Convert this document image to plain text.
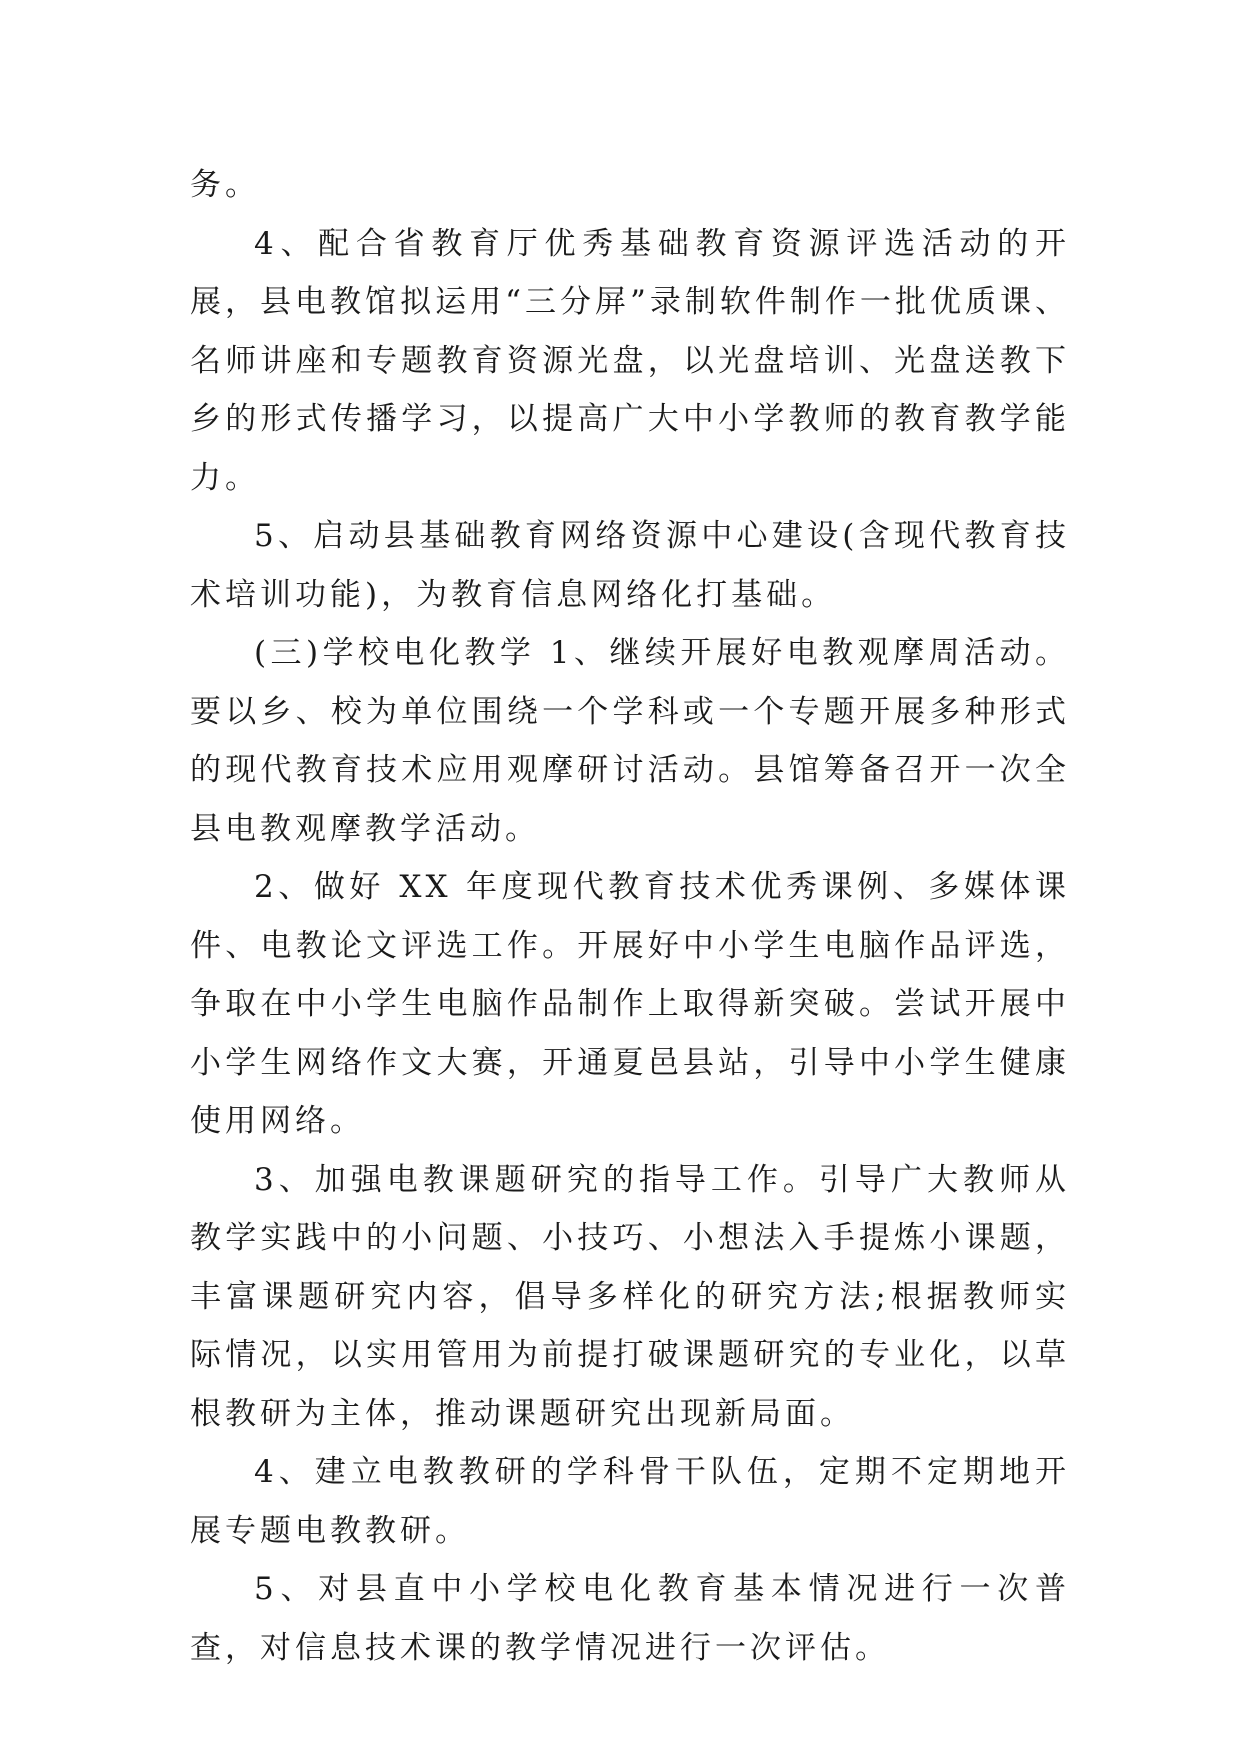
务。

4、配合省教育厅优秀基础教育资源评选活动的开展，县电教馆拟运用“三分屏”录制软件制作一批优质课、名师讲座和专题教育资源光盘，以光盘培训、光盘送教下乡的形式传播学习，以提高广大中小学教师的教育教学能力。

5、启动县基础教育网络资源中心建设(含现代教育技术培训功能)，为教育信息网络化打基础。

(三)学校电化教学 1、继续开展好电教观摩周活动。要以乡、校为单位围绕一个学科或一个专题开展多种形式的现代教育技术应用观摩研讨活动。县馆筹备召开一次全县电教观摩教学活动。

2、做好 XX 年度现代教育技术优秀课例、多媒体课件、电教论文评选工作。开展好中小学生电脑作品评选，争取在中小学生电脑作品制作上取得新突破。尝试开展中小学生网络作文大赛，开通夏邑县站，引导中小学生健康使用网络。

3、加强电教课题研究的指导工作。引导广大教师从教学实践中的小问题、小技巧、小想法入手提炼小课题，丰富课题研究内容，倡导多样化的研究方法;根据教师实际情况，以实用管用为前提打破课题研究的专业化，以草根教研为主体，推动课题研究出现新局面。

4、建立电教教研的学科骨干队伍，定期不定期地开展专题电教教研。

5、对县直中小学校电化教育基本情况进行一次普查，对信息技术课的教学情况进行一次评估。
